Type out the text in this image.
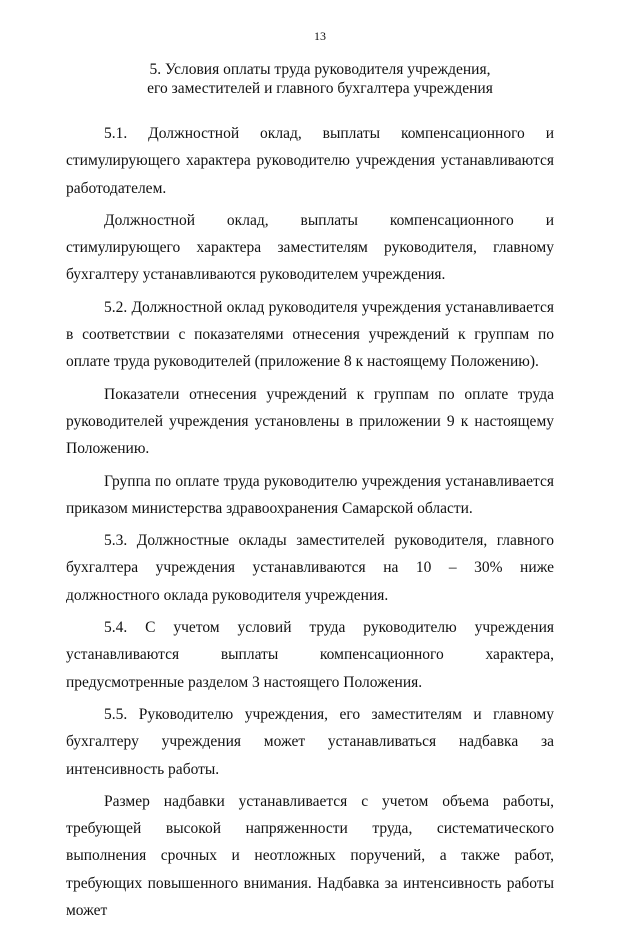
13
5. Условия оплаты труда руководителя учреждения,
его заместителей и главного бухгалтера учреждения

5.1. Должностной оклад, выплаты компенсационного и стимулирующего характера руководителю учреждения устанавливаются работодателем.

Должностной оклад, выплаты компенсационного и стимулирующего характера заместителям руководителя, главному бухгалтеру устанавливаются руководителем учреждения.

5.2. Должностной оклад руководителя учреждения устанавливается в соответствии с показателями отнесения учреждений к группам по оплате труда руководителей (приложение 8 к настоящему Положению).

Показатели отнесения учреждений к группам по оплате труда руководителей учреждения установлены в приложении 9 к настоящему Положению.

Группа по оплате труда руководителю учреждения устанавливается приказом министерства здравоохранения Самарской области.

5.3. Должностные оклады заместителей руководителя, главного бухгалтера учреждения устанавливаются на 10 – 30% ниже должностного оклада руководителя учреждения.

5.4. С учетом условий труда руководителю учреждения устанавливаются выплаты компенсационного характера, предусмотренные разделом 3 настоящего Положения.

5.5. Руководителю учреждения, его заместителям и главному бухгалтеру учреждения может устанавливаться надбавка за интенсивность работы.

Размер надбавки устанавливается с учетом объема работы, требующей высокой напряженности труда, систематического выполнения срочных и неотложных поручений, а также работ, требующих повышенного внимания. Надбавка за интенсивность работы может
